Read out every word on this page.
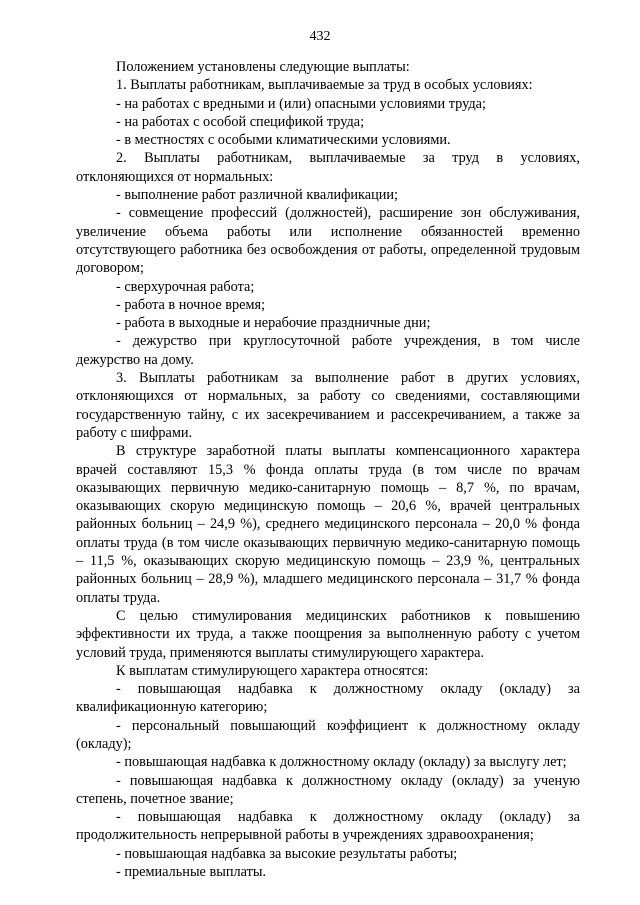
432

Положением установлены следующие выплаты:

1. Выплаты работникам, выплачиваемые за труд в особых условиях:

- на работах с вредными и (или) опасными условиями труда;

- на работах с особой спецификой труда;

- в местностях с особыми климатическими условиями.

2. Выплаты работникам, выплачиваемые за труд в условиях, отклоняющихся от нормальных:

- выполнение работ различной квалификации;

- совмещение профессий (должностей), расширение зон обслуживания, увеличение объема работы или исполнение обязанностей временно отсутствующего работника без освобождения от работы, определенной трудовым договором;

- сверхурочная работа;

- работа в ночное время;

- работа в выходные и нерабочие праздничные дни;

- дежурство при круглосуточной работе учреждения, в том числе дежурство на дому.

3. Выплаты работникам за выполнение работ в других условиях, отклоняющихся от нормальных, за работу со сведениями, составляющими государственную тайну, с их засекречиванием и рассекречиванием, а также за работу с шифрами.

В структуре заработной платы выплаты компенсационного характера врачей составляют 15,3 % фонда оплаты труда (в том числе по врачам оказывающих первичную медико-санитарную помощь – 8,7 %, по врачам, оказывающих скорую медицинскую помощь – 20,6 %, врачей центральных районных больниц – 24,9 %), среднего медицинского персонала – 20,0 % фонда оплаты труда (в том числе оказывающих первичную медико-санитарную помощь – 11,5 %, оказывающих скорую медицинскую помощь – 23,9 %, центральных районных больниц – 28,9 %), младшего медицинского персонала – 31,7 % фонда оплаты труда.

С целью стимулирования медицинских работников к повышению эффективности их труда, а также поощрения за выполненную работу с учетом условий труда, применяются выплаты стимулирующего характера.

К выплатам стимулирующего характера относятся:

- повышающая надбавка к должностному окладу (окладу) за квалификационную категорию;

- персональный повышающий коэффициент к должностному окладу (окладу);

- повышающая надбавка к должностному окладу (окладу) за выслугу лет;

- повышающая надбавка к должностному окладу (окладу) за ученую степень, почетное звание;

- повышающая надбавка к должностному окладу (окладу) за продолжительность непрерывной работы в учреждениях здравоохранения;

- повышающая надбавка за высокие результаты работы;

- премиальные выплаты.
